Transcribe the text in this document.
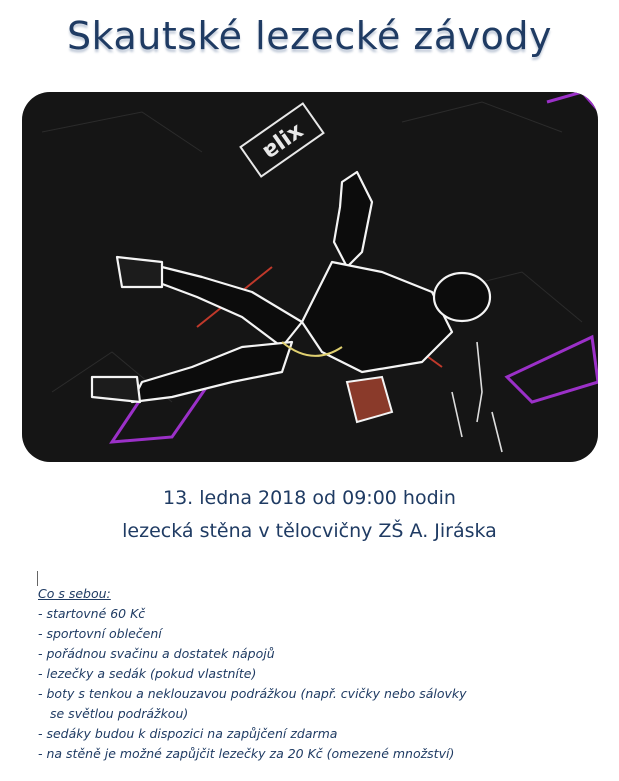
Skautské lezecké závody
ɐlix
13. ledna 2018 od 09:00 hodin
lezecká stěna v tělocvičny ZŠ A. Jiráska
Co s sebou:
- startovné 60 Kč
- sportovní oblečení
- pořádnou svačinu a dostatek nápojů
- lezečky a sedák (pokud vlastníte)
- boty s tenkou a neklouzavou podrážkou (např. cvičky nebo sálovky
se světlou podrážkou)
- sedáky budou k dispozici na zapůjčení zdarma
- na stěně je možné zapůjčit lezečky za 20 Kč (omezené množství)
